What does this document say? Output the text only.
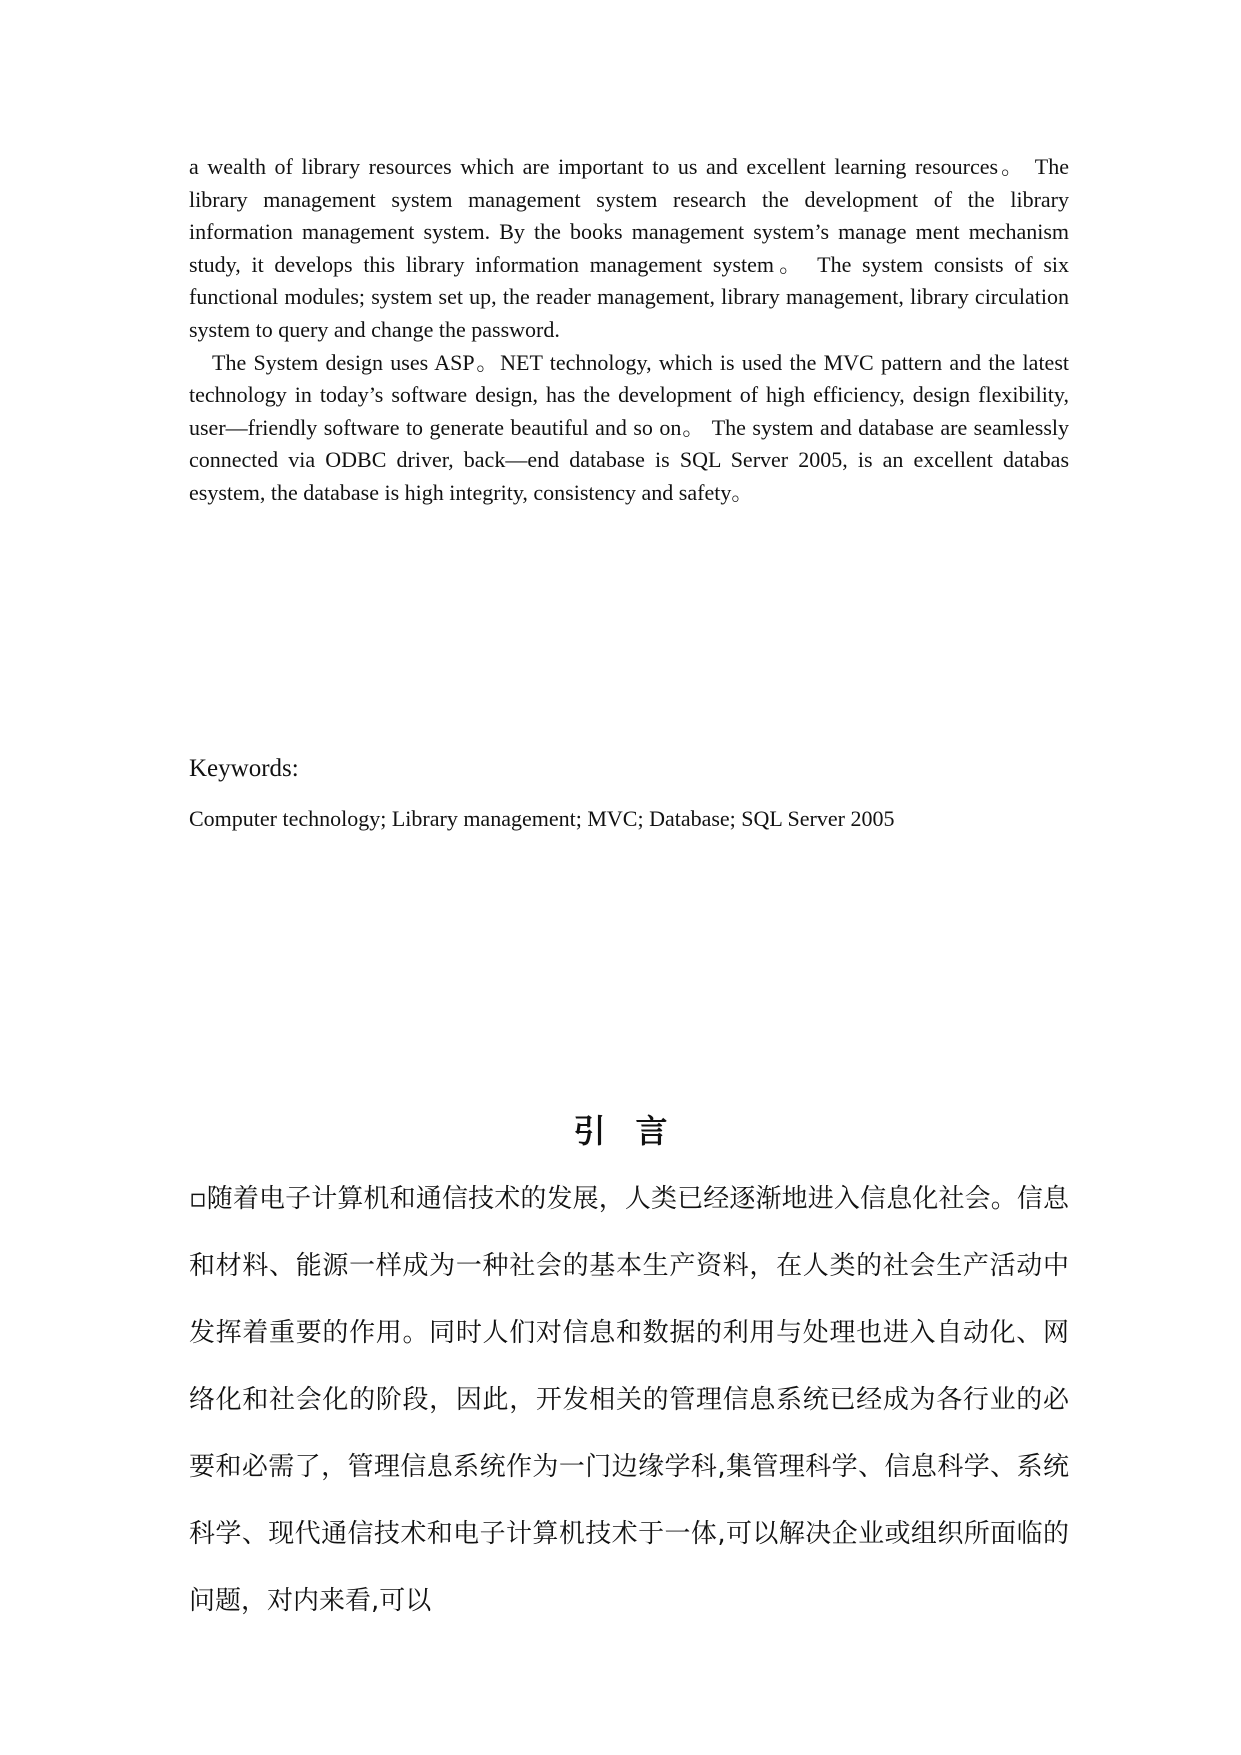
a wealth of library resources which are important to us and excellent learning resources。 The library management system management system research the development of the library information management system. By the books management system’s manage ment mechanism study, it develops this library information management system。 The system consists of six functional modules; system set up, the reader management, library management, library circulation system to query and change the password.

The System design uses ASP。NET technology, which is used the MVC pattern and the latest technology in today’s software design, has the development of high efficiency, design flexibility, user—friendly software to generate beautiful and so on。 The system and database are seamlessly connected via ODBC driver, back—end database is SQL Server 2005, is an excellent databas esystem, the database is high integrity, consistency and safety。

Keywords:

Computer technology; Library management; MVC; Database; SQL Server 2005

引言

▫随着电子计算机和通信技术的发展，人类已经逐渐地进入信息化社会。信息和材料、能源一样成为一种社会的基本生产资料，在人类的社会生产活动中发挥着重要的作用。同时人们对信息和数据的利用与处理也进入自动化、网络化和社会化的阶段，因此，开发相关的管理信息系统已经成为各行业的必要和必需了，管理信息系统作为一门边缘学科,集管理科学、信息科学、系统科学、现代通信技术和电子计算机技术于一体,可以解决企业或组织所面临的问题，对内来看,可以
